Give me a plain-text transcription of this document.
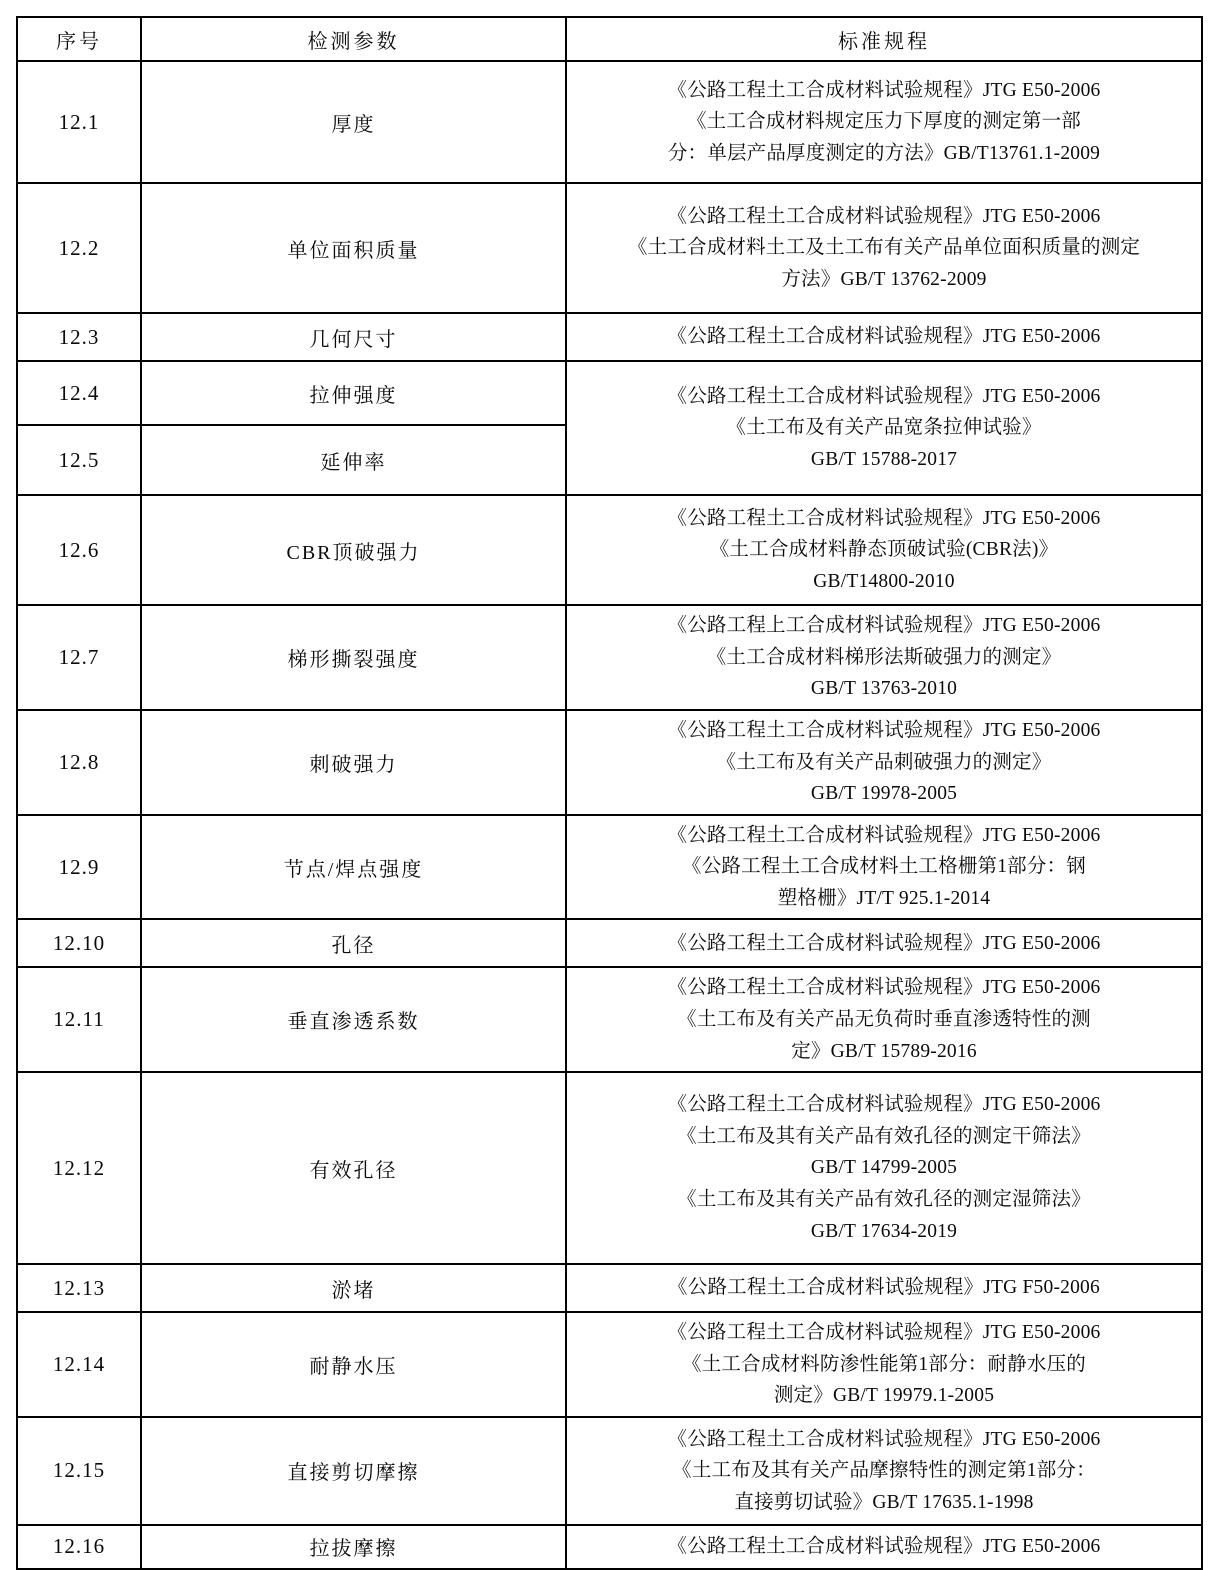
序号	检测参数	标准规程
12.1	厚度	《公路工程土工合成材料试验规程》JTG E50-2006
《土工合成材料规定压力下厚度的测定第一部
分：单层产品厚度测定的方法》GB/T13761.1-2009

12.2	单位面积质量	《公路工程土工合成材料试验规程》JTG E50-2006
《土工合成材料土工及土工布有关产品单位面积质量的测定
方法》GB/T 13762-2009

12.3	几何尺寸	《公路工程土工合成材料试验规程》JTG E50-2006

12.4	拉伸强度	《公路工程土工合成材料试验规程》JTG E50-2006
《土工布及有关产品宽条拉伸试验》
GB/T 15788-2017

12.5	延伸率	
12.6	CBR顶破强力	《公路工程土工合成材料试验规程》JTG E50-2006
《土工合成材料静态顶破试验(CBR法)》
GB/T14800-2010

12.7	梯形撕裂强度	《公路工程上工合成材料试验规程》JTG E50-2006
《土工合成材料梯形法斯破强力的测定》
GB/T 13763-2010

12.8	刺破强力	《公路工程土工合成材料试验规程》JTG E50-2006
《土工布及有关产品刺破强力的测定》
GB/T 19978-2005

12.9	节点/焊点强度	《公路工程土工合成材料试验规程》JTG E50-2006
《公路工程土工合成材料土工格栅第1部分：钢
塑格栅》JT/T 925.1-2014

12.10	孔径	《公路工程土工合成材料试验规程》JTG E50-2006

12.11	垂直渗透系数	《公路工程土工合成材料试验规程》JTG E50-2006
《土工布及有关产品无负荷时垂直渗透特性的测
定》GB/T 15789-2016

12.12	有效孔径	《公路工程土工合成材料试验规程》JTG E50-2006
《土工布及其有关产品有效孔径的测定干筛法》
GB/T 14799-2005
《土工布及其有关产品有效孔径的测定湿筛法》
GB/T 17634-2019

12.13	淤堵	《公路工程土工合成材料试验规程》JTG F50-2006

12.14	耐静水压	《公路工程土工合成材料试验规程》JTG E50-2006
《土工合成材料防渗性能第1部分：耐静水压的
测定》GB/T 19979.1-2005

12.15	直接剪切摩擦	《公路工程土工合成材料试验规程》JTG E50-2006
《土工布及其有关产品摩擦特性的测定第1部分：
直接剪切试验》GB/T 17635.1-1998

12.16	拉拔摩擦	《公路工程土工合成材料试验规程》JTG E50-2006
